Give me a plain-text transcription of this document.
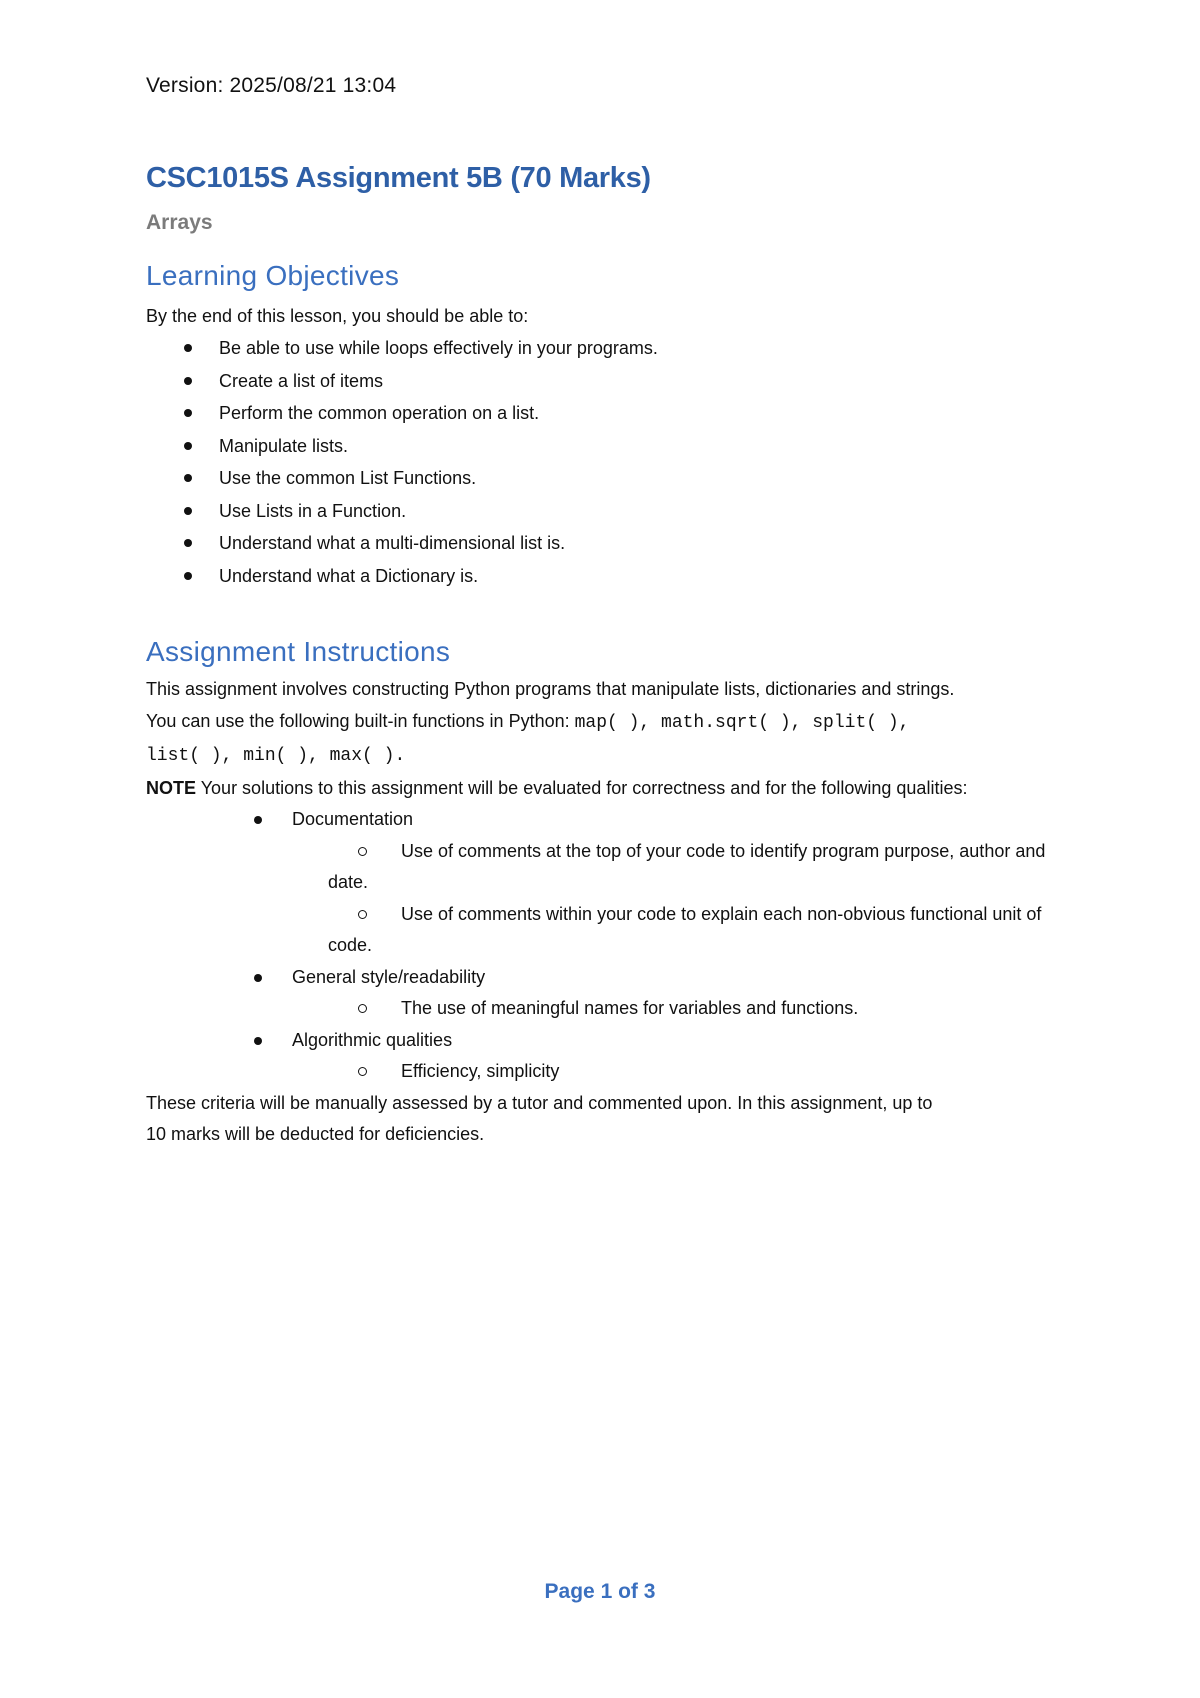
Version: 2025/08/21 13:04
CSC1015S Assignment 5B (70 Marks)
Arrays
Learning Objectives

By the end of this lesson, you should be able to:

Be able to use while loops effectively in your programs.
Create a list of items
Perform the common operation on a list.
Manipulate lists.
Use the common List Functions.
Use Lists in a Function.
Understand what a multi-dimensional list is.
Understand what a Dictionary is.
Assignment Instructions
This assignment involves constructing Python programs that manipulate lists, dictionaries and strings.
You can use the following built-in functions in Python: map( ), math.sqrt( ), split( ),
list( ), min( ), max( ).
NOTE Your solutions to this assignment will be evaluated for correctness and for the following qualities:
Documentation
Use of comments at the top of your code to identify program purpose, author and date.
Use of comments within your code to explain each non-obvious functional unit of code.
General style/readability
The use of meaningful names for variables and functions.
Algorithmic qualities
Efficiency, simplicity
These criteria will be manually assessed by a tutor and commented upon. In this assignment, up to
10 marks will be deducted for deficiencies.
Page 1 of 3
